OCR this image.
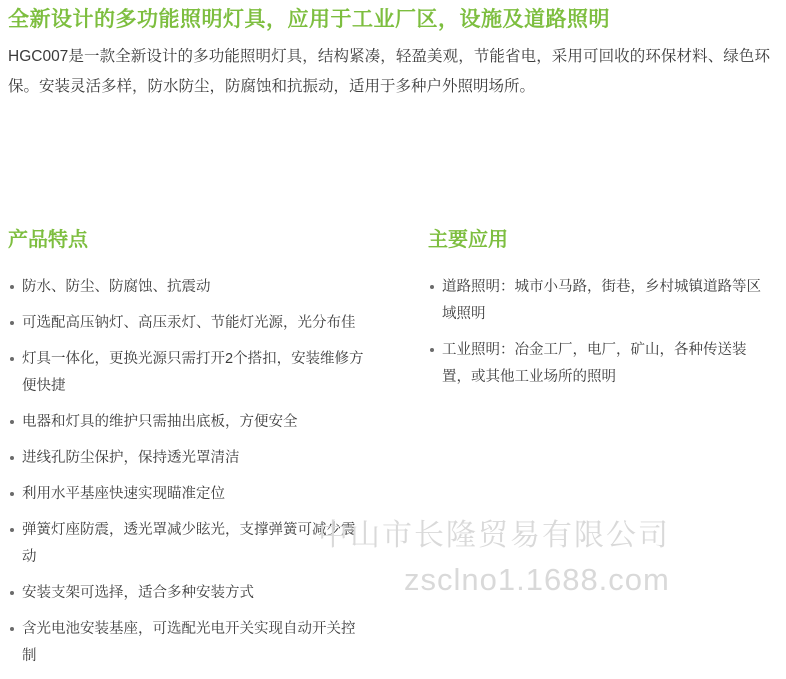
全新设计的多功能照明灯具，应用于工业厂区，设施及道路照明
HGC007是一款全新设计的多功能照明灯具，结构紧凑，轻盈美观，节能省电，采用可回收的环保材料、绿色环保。安装灵活多样，防水防尘，防腐蚀和抗振动，适用于多种户外照明场所。
产品特点
防水、防尘、防腐蚀、抗震动
可选配高压钠灯、高压汞灯、节能灯光源，光分布佳
灯具一体化，更换光源只需打开2个搭扣，安装维修方便快捷
电器和灯具的维护只需抽出底板，方便安全
进线孔防尘保护，保持透光罩清洁
利用水平基座快速实现瞄准定位
弹簧灯座防震，透光罩减少眩光，支撑弹簧可减少震动
安装支架可选择，适合多种安装方式
含光电池安装基座，可选配光电开关实现自动开关控制
主要应用
道路照明：城市小马路，街巷，乡村城镇道路等区域照明
工业照明：冶金工厂，电厂，矿山，各种传送装置，或其他工业场所的照明
中山市长隆贸易有限公司
zsclno1.1688.com
